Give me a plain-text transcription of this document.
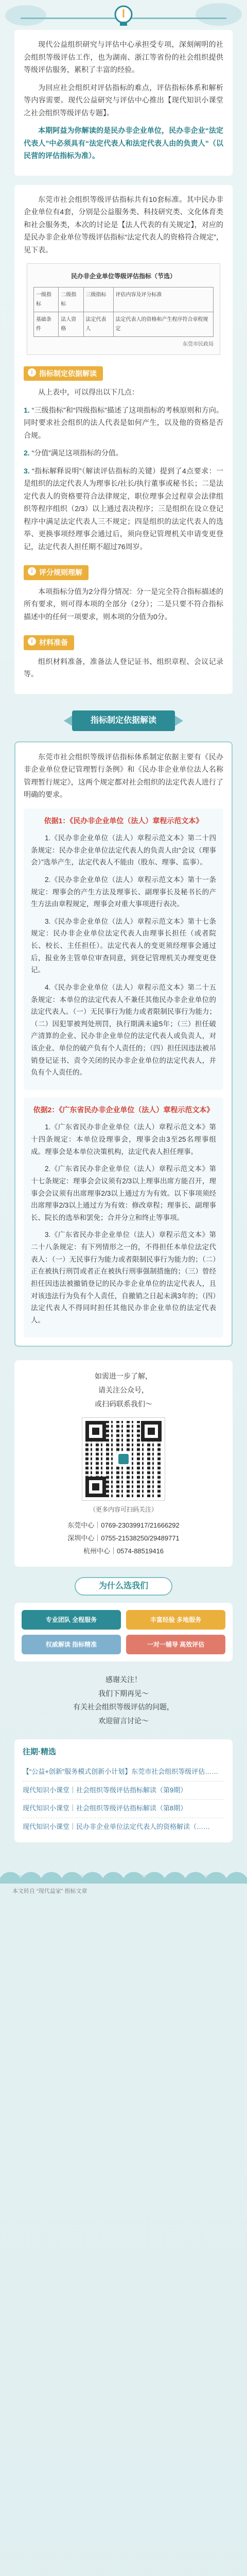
现代公益组织研究与评估中心承担受专项，深刻阐明的社会组织等级评估工作，也为湖南、浙江等省份的社会组织提供等级评估服务，累积了丰富的经验。

为回应社会组织对评估指标的难点，评估指标体系和解析等内容需要。现代公益研究与评估中心推出【现代知识小课堂之社会组织等级评估专题】。

本期阿益为你解读的是民办非企业单位，民办非企业“法定代表人”中必须具有“法定代表人和法定代表人由的负责人”（以民营的评估指标为准）。

东莞市社会组织等级评估指标共有10套标准。其中民办非企业单位有4套，分别是公益服务类、科技研究类、文化体育类和社会服务类，本次的讨论是【法人代表的有关规定】，对应的是民办非企业单位等级评估指标“法定代表人的资格符合规定”，见下表。

民办非企业单位等级评估指标（节选）
一级指标	二级指标	三级指标	评估内容及评分标准
基础条件	法人资格	法定代表人	法定代表人的资格和产生程序符合章程规定
东莞市民政局
i 指标制定依据解读

从上表中，可以得出以下几点：

1. “三级指标”和“四级指标”描述了这项指标的考核原则和方向。同时要求社会组织的法人代表是如何产生，以及他的资格是否合规。
2. “分值”满足这项指标的分值。
3. “指标解释说明”（解读评估指标的关键）提到了4点要求：一是组织的法定代表人为理事长/社长/执行董事或秘书长；二是法定代表人的资格要符合法律规定，职位理事会过程章会法律组织等程序组织（2/3）以上通过表决程序；三是组织在设立登记程序中满足法定代表人三不规定；四是组织的法定代表人的选举、更换事项经理事会通过后，须向登记管理机关申请变更登记，法定代表人担任期不超过76周岁。
i 评分规则理解

本项指标分值为2分得分情况：分一是完全符合指标描述的所有要求，则可得本项的全部分（2分）；二是只要不符合指标描述中的任何一项要求，则本项的分值为0分。

i 材料准备

组织材料准备，准备法人登记证书、组织章程、会议记录等。

指标制定依据解读

东莞市社会组织等级评估指标体系制定依据主要有《民办非企业单位登记管理暂行条例》和《民办非企业单位法人名称管理暂行规定》，这两个规定都对社会组织的法定代表人进行了明确的要求。

依据1：《民办非企业单位（法人）章程示范文本》

1.《民办非企业单位（法人）章程示范文本》第二十四条规定：民办非企业单位法定代表人的负责人由“会议（理事会）”选举产生，法定代表人不能由（股东、理事、监事）。

2.《民办非企业单位（法人）章程示范文本》第十一条规定：理事会的产生方法及理事长、副理事长及秘书长的产生方法由章程规定，理事会对重大事项进行表决。

3.《民办非企业单位（法人）章程示范文本》第十七条规定：民办非企业单位法定代表人由理事长担任（或者院长、校长、主任担任）。法定代表人的变更须经理事会通过后，报业务主管单位审查同意，到登记管理机关办理变更登记。

4.《民办非企业单位（法人）章程示范文本》第二十五条规定：本单位的法定代表人不兼任其他民办非企业单位的法定代表人。（一）无民事行为能力或者限制民事行为能力；（二）因犯罪被判处刑罚，执行期满未逾5年；（三）担任破产清算的企业、民办非企业单位的法定代表人或负责人，对该企业、单位的破产负有个人责任的；（四）担任因违法被吊销登记证书、责令关闭的民办非企业单位的法定代表人，并负有个人责任的。

依据2：《广东省民办非企业单位（法人）章程示范文本》

1.《广东省民办非企业单位（法人）章程示范文本》第十四条规定：本单位设理事会，理事会由3至25名理事组成。理事会是本单位决策机构，法定代表人担任理事。

2.《广东省民办非企业单位（法人）章程示范文本》第十七条规定：理事会会议须有2/3以上理事出席方能召开，理事会会议须有出席理事2/3以上通过方为有效。以下事项须经出席理事2/3以上通过方为有效：修改章程；理事长、副理事长、院长的选举和罢免；合并分立和终止等事项。

3.《广东省民办非企业单位（法人）章程示范文本》第二十八条规定：有下列情形之一的，不得担任本单位法定代表人：（一）无民事行为能力或者限制民事行为能力的；（二）正在被执行刑罚或者正在被执行刑事强制措施的；（三）曾经担任因违法被撤销登记的民办非企业单位的法定代表人，且对该违法行为负有个人责任，自撤销之日起未满3年的；（四）法定代表人不得同时担任其他民办非企业单位的法定代表人。

如需进一步了解，
请关注公众号，
或扫码联系我们～
（更多内容可扫码关注）
东莞中心｜0769-23039917/21666292
深圳中心｜0755-21538250/29489771
杭州中心｜0574-88519416
为什么选我们
专业团队 全程服务	丰富经验 多地服务
权威解读 指标精准	一对一辅导 高效评估
感谢关注！
我们下期再见～
有关社会组织等级评估的问题，
欢迎留言讨论～
往期·精选
【“公益+创新”服务模式创新小计划】东莞市社会组织等级评估……
现代知识小课堂｜社会组织等级评估指标解读（第9期）
现代知识小课堂｜社会组织等级评估指标解读（第8期）
现代知识小课堂｜民办非企业单位法定代表人的资格解读（……
本文转自 “现代益家” 指标文章
